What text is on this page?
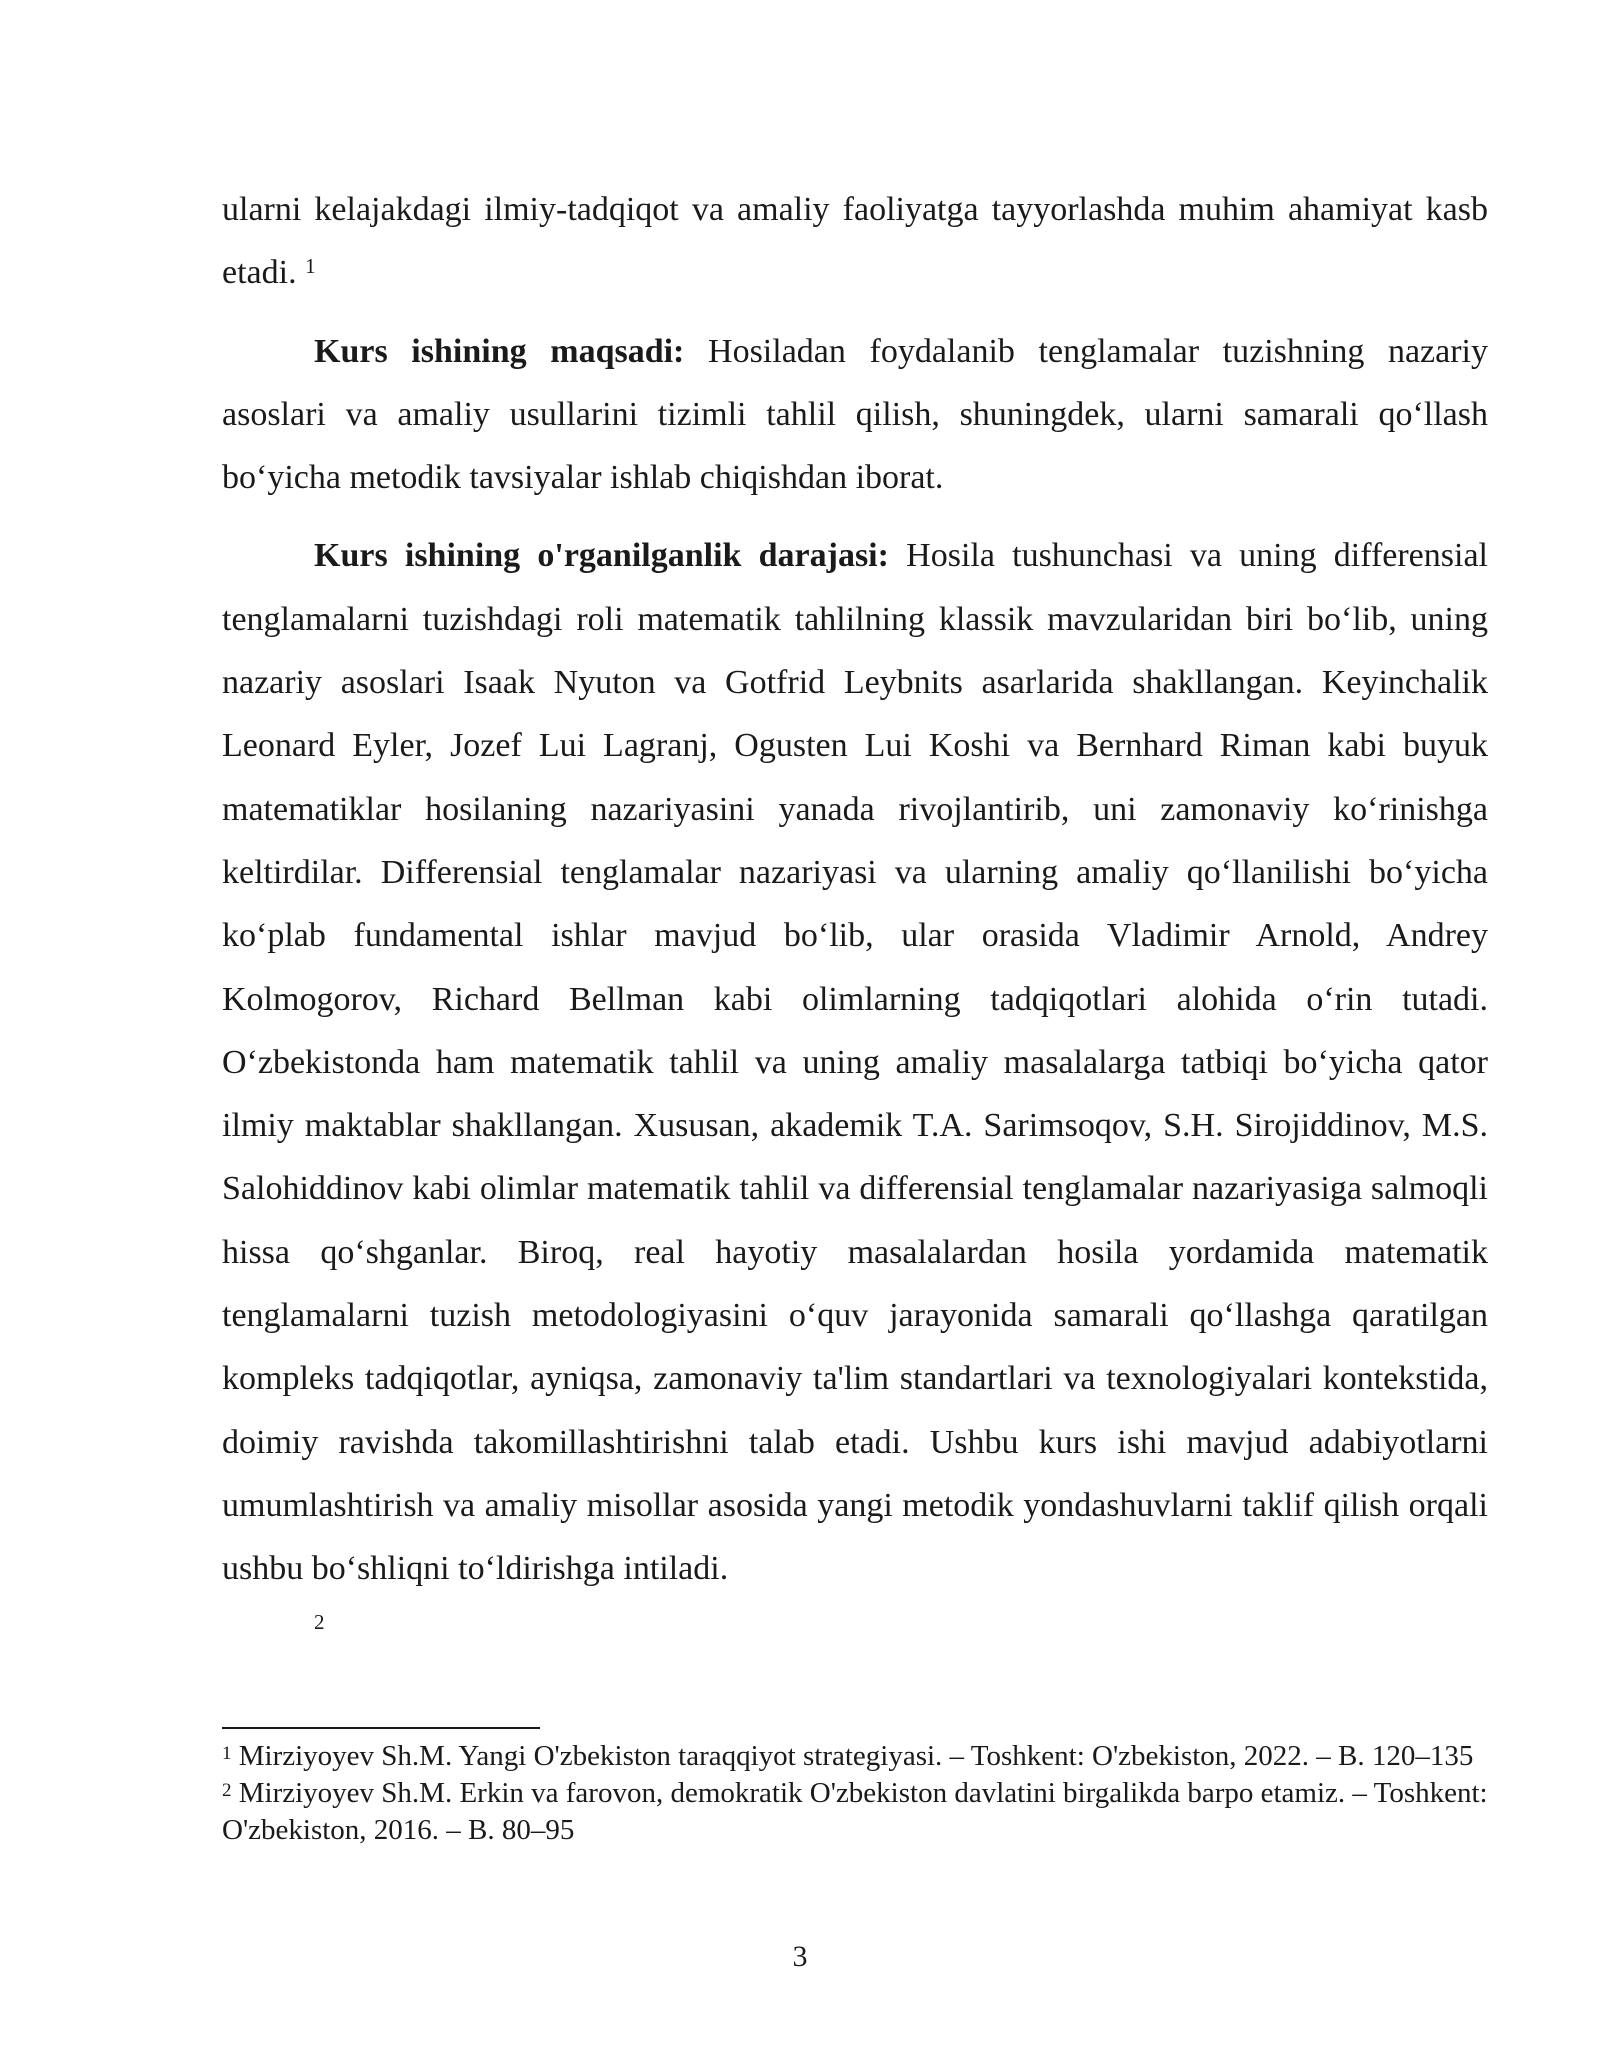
ularni kelajakdagi ilmiy-tadqiqot va amaliy faoliyatga tayyorlashda muhim ahamiyat kasb etadi. $^1$

Kurs ishining maqsadi: Hosiladan foydalanib tenglamalar tuzishning nazariy asoslari va amaliy usullarini tizimli tahlil qilish, shuningdek, ularni samarali qo‘llash bo‘yicha metodik tavsiyalar ishlab chiqishdan iborat.

Kurs ishining o'rganilganlik darajasi: Hosila tushunchasi va uning differensial tenglamalarni tuzishdagi roli matematik tahlilning klassik mavzularidan biri bo‘lib, uning nazariy asoslari Isaak Nyuton va Gotfrid Leybnits asarlarida shakllangan. Keyinchalik Leonard Eyler, Jozef Lui Lagranj, Ogusten Lui Koshi va Bernhard Riman kabi buyuk matematiklar hosilaning nazariyasini yanada rivojlantirib, uni zamonaviy ko‘rinishga keltirdilar. Differensial tenglamalar nazariyasi va ularning amaliy qo‘llanilishi bo‘yicha ko‘plab fundamental ishlar mavjud bo‘lib, ular orasida Vladimir Arnold, Andrey Kolmogorov, Richard Bellman kabi olimlarning tadqiqotlari alohida o‘rin tutadi. O‘zbekistonda ham matematik tahlil va uning amaliy masalalarga tatbiqi bo‘yicha qator ilmiy maktablar shakllangan. Xususan, akademik T.A. Sarimsoqov, S.H. Sirojiddinov, M.S. Salohiddinov kabi olimlar matematik tahlil va differensial tenglamalar nazariyasiga salmoqli hissa qo‘shganlar. Biroq, real hayotiy masalalardan hosila yordamida matematik tenglamalarni tuzish metodologiyasini o‘quv jarayonida samarali qo‘llashga qaratilgan kompleks tadqiqotlar, ayniqsa, zamonaviy ta'lim standartlari va texnologiyalari kontekstida, doimiy ravishda takomillashtirishni talab etadi. Ushbu kurs ishi mavjud adabiyotlarni umumlashtirish va amaliy misollar asosida yangi metodik yondashuvlarni taklif qilish orqali ushbu bo‘shliqni to‘ldirishga intiladi.
2

$^1$ Mirziyoyev Sh.M. Yangi O'zbekiston taraqqiyot strategiyasi. – Toshkent: O'zbekiston, 2022. – B. 120–135

$^2$ Mirziyoyev Sh.M. Erkin va farovon, demokratik O'zbekiston davlatini birgalikda barpo etamiz. – Toshkent: O'zbekiston, 2016. – B. 80–95

3
